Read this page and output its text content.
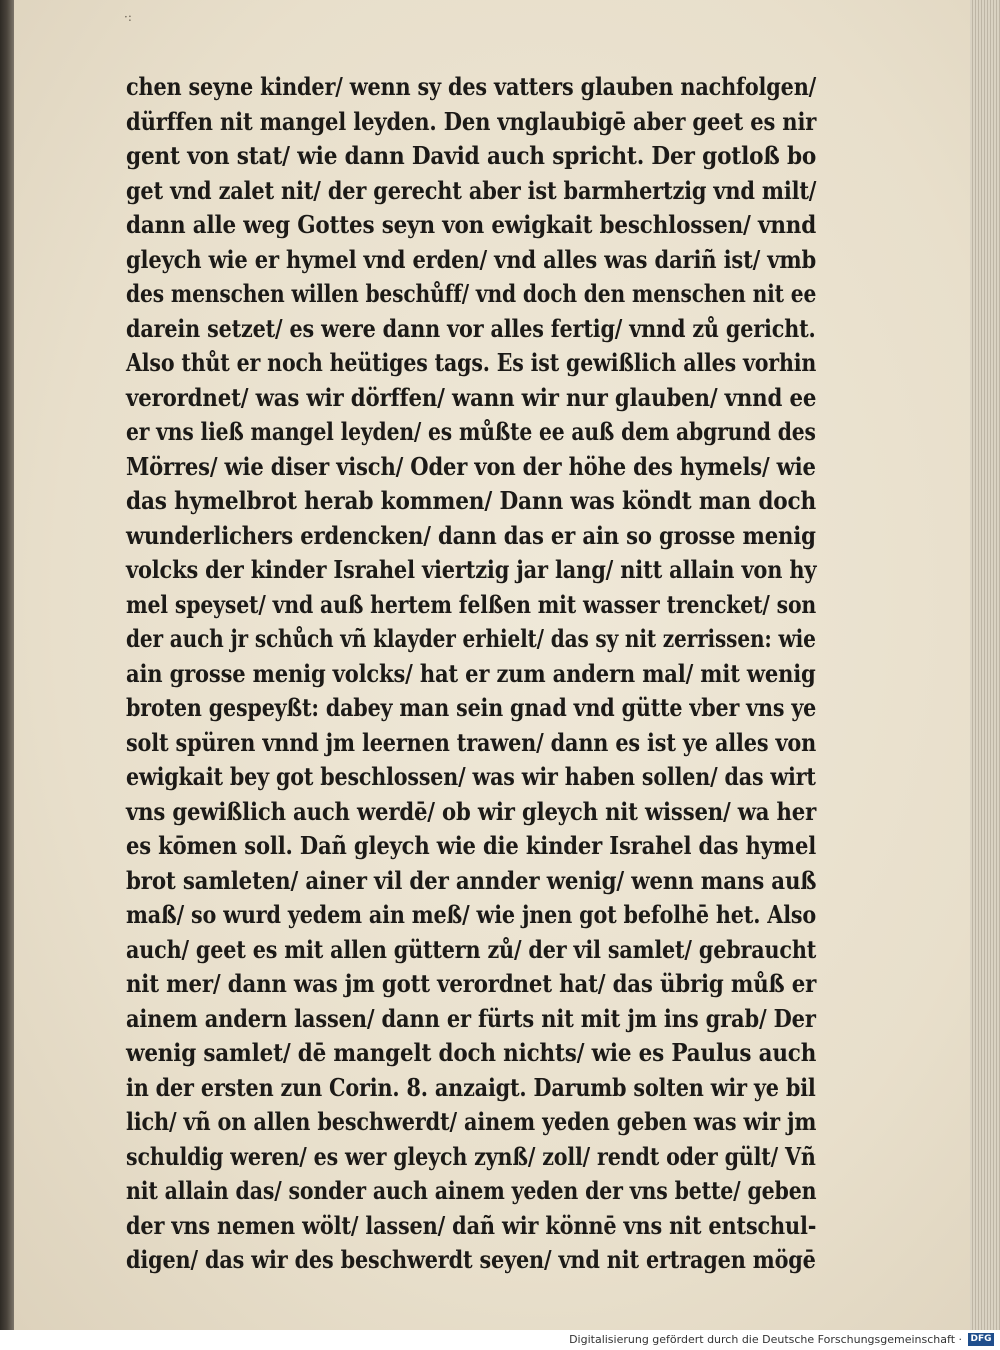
·:
chen seyne kinder/ wenn sy des vatters glauben nachfolgen/
dürffen nit mangel leyden. Den vnglaubigē aber geet es nir
gent von stat/ wie dann David auch spricht. Der gotloß bo
get vnd zalet nit/ der gerecht aber ist barmhertzig vnd milt/
dann alle weg Gottes seyn von ewigkait beschlossen/ vnnd
gleych wie er hymel vnd erden/ vnd alles was dariñ ist/ vmb
des menschen willen beschůff/ vnd doch den menschen nit ee
darein setzet/ es were dann vor alles fertig/ vnnd zů gericht.
Also thůt er noch heütiges tags. Es ist gewißlich alles vorhin
verordnet/ was wir dörffen/ wann wir nur glauben/ vnnd ee
er vns ließ mangel leyden/ es můßte ee auß dem abgrund des
Mörres/ wie diser visch/ Oder von der höhe des hymels/ wie
das hymelbrot herab kommen/ Dann was köndt man doch
wunderlichers erdencken/ dann das er ain so grosse menig
volcks der kinder Israhel viertzig jar lang/ nitt allain von hy
mel speyset/ vnd auß hertem felßen mit wasser trencket/ son
der auch jr schůch vñ klayder erhielt/ das sy nit zerrissen: wie
ain grosse menig volcks/ hat er zum andern mal/ mit wenig
broten gespeyßt: dabey man sein gnad vnd gütte vber vns ye
solt spüren vnnd jm leernen trawen/ dann es ist ye alles von
ewigkait bey got beschlossen/ was wir haben sollen/ das wirt
vns gewißlich auch werdē/ ob wir gleych nit wissen/ wa her
es kōmen soll. Dañ gleych wie die kinder Israhel das hymel
brot samleten/ ainer vil der annder wenig/ wenn mans auß
maß/ so wurd yedem ain meß/ wie jnen got befolhē het. Also
auch/ geet es mit allen güttern zů/ der vil samlet/ gebraucht
nit mer/ dann was jm gott verordnet hat/ das übrig můß er
ainem andern lassen/ dann er fürts nit mit jm ins grab/ Der
wenig samlet/ dē mangelt doch nichts/ wie es Paulus auch
in der ersten zun Corin. 8. anzaigt. Darumb solten wir ye bil
lich/ vñ on allen beschwerdt/ ainem yeden geben was wir jm
schuldig weren/ es wer gleych zynß/ zoll/ rendt oder gült/ Vñ
nit allain das/ sonder auch ainem yeden der vns bette/ geben
der vns nemen wölt/ lassen/ dañ wir könnē vns nit entschul-
digen/ das wir des beschwerdt seyen/ vnd nit ertragen mögē
Digitalisierung gefördert durch die Deutsche Forschungsgemeinschaft · DFG
